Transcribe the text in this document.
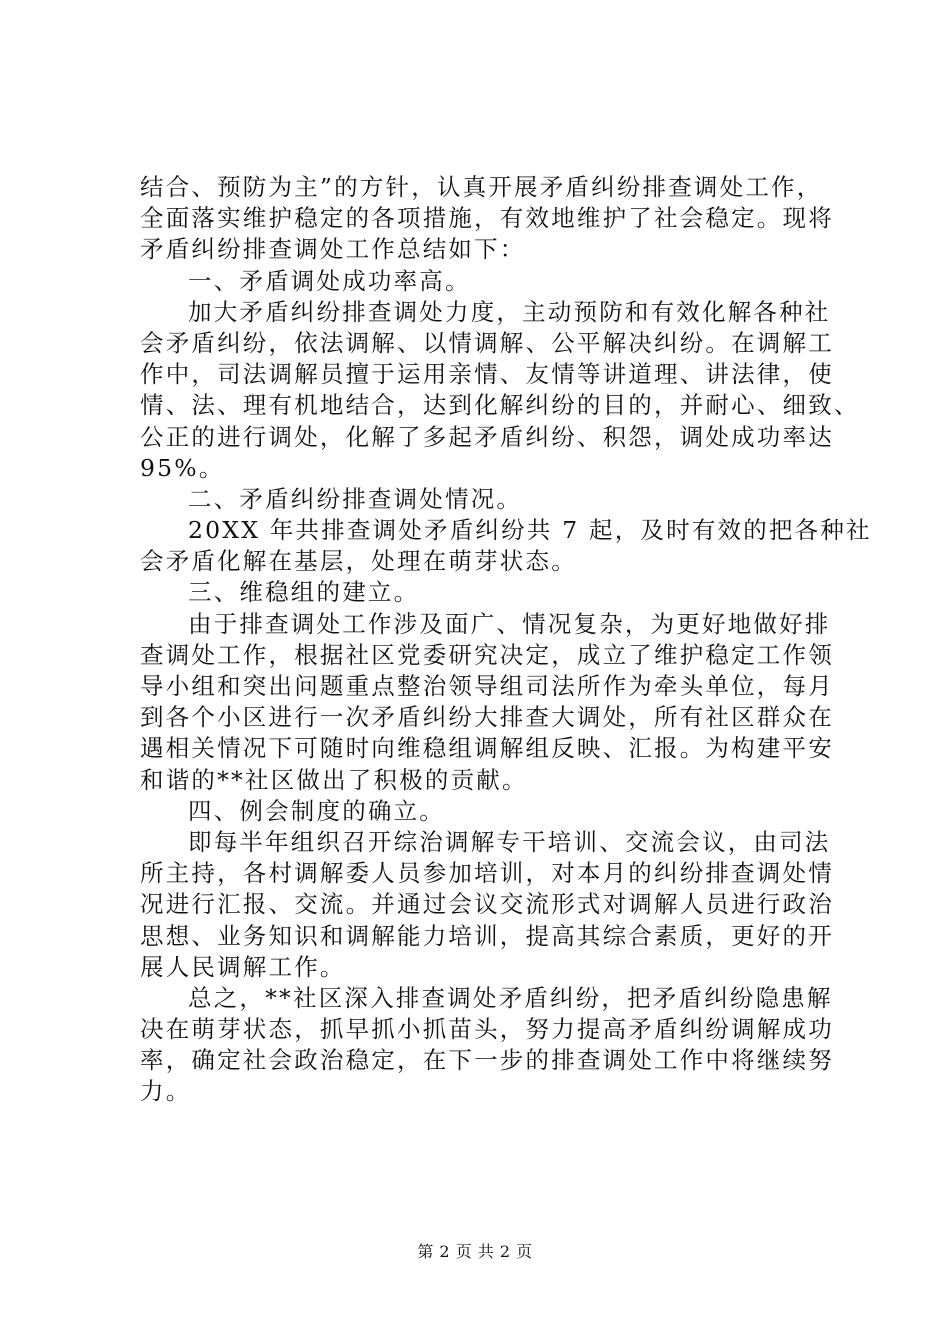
结合、预防为主”的方针，认真开展矛盾纠纷排查调处工作，
全面落实维护稳定的各项措施，有效地维护了社会稳定。现将
矛盾纠纷排查调处工作总结如下：
一、矛盾调处成功率高。
加大矛盾纠纷排查调处力度，主动预防和有效化解各种社
会矛盾纠纷，依法调解、以情调解、公平解决纠纷。在调解工
作中，司法调解员擅于运用亲情、友情等讲道理、讲法律，使
情、法、理有机地结合，达到化解纠纷的目的，并耐心、细致、
公正的进行调处，化解了多起矛盾纠纷、积怨，调处成功率达
95%。
二、矛盾纠纷排查调处情况。
20XX 年共排查调处矛盾纠纷共 7 起，及时有效的把各种社
会矛盾化解在基层，处理在萌芽状态。
三、维稳组的建立。
由于排查调处工作涉及面广、情况复杂，为更好地做好排
查调处工作，根据社区党委研究决定，成立了维护稳定工作领
导小组和突出问题重点整治领导组司法所作为牵头单位，每月
到各个小区进行一次矛盾纠纷大排查大调处，所有社区群众在
遇相关情况下可随时向维稳组调解组反映、汇报。为构建平安
和谐的**社区做出了积极的贡献。
四、例会制度的确立。
即每半年组织召开综治调解专干培训、交流会议，由司法
所主持，各村调解委人员参加培训，对本月的纠纷排查调处情
况进行汇报、交流。并通过会议交流形式对调解人员进行政治
思想、业务知识和调解能力培训，提高其综合素质，更好的开
展人民调解工作。
总之，**社区深入排查调处矛盾纠纷，把矛盾纠纷隐患解
决在萌芽状态，抓早抓小抓苗头，努力提高矛盾纠纷调解成功
率，确定社会政治稳定，在下一步的排查调处工作中将继续努
力。
第 2 页 共 2 页
